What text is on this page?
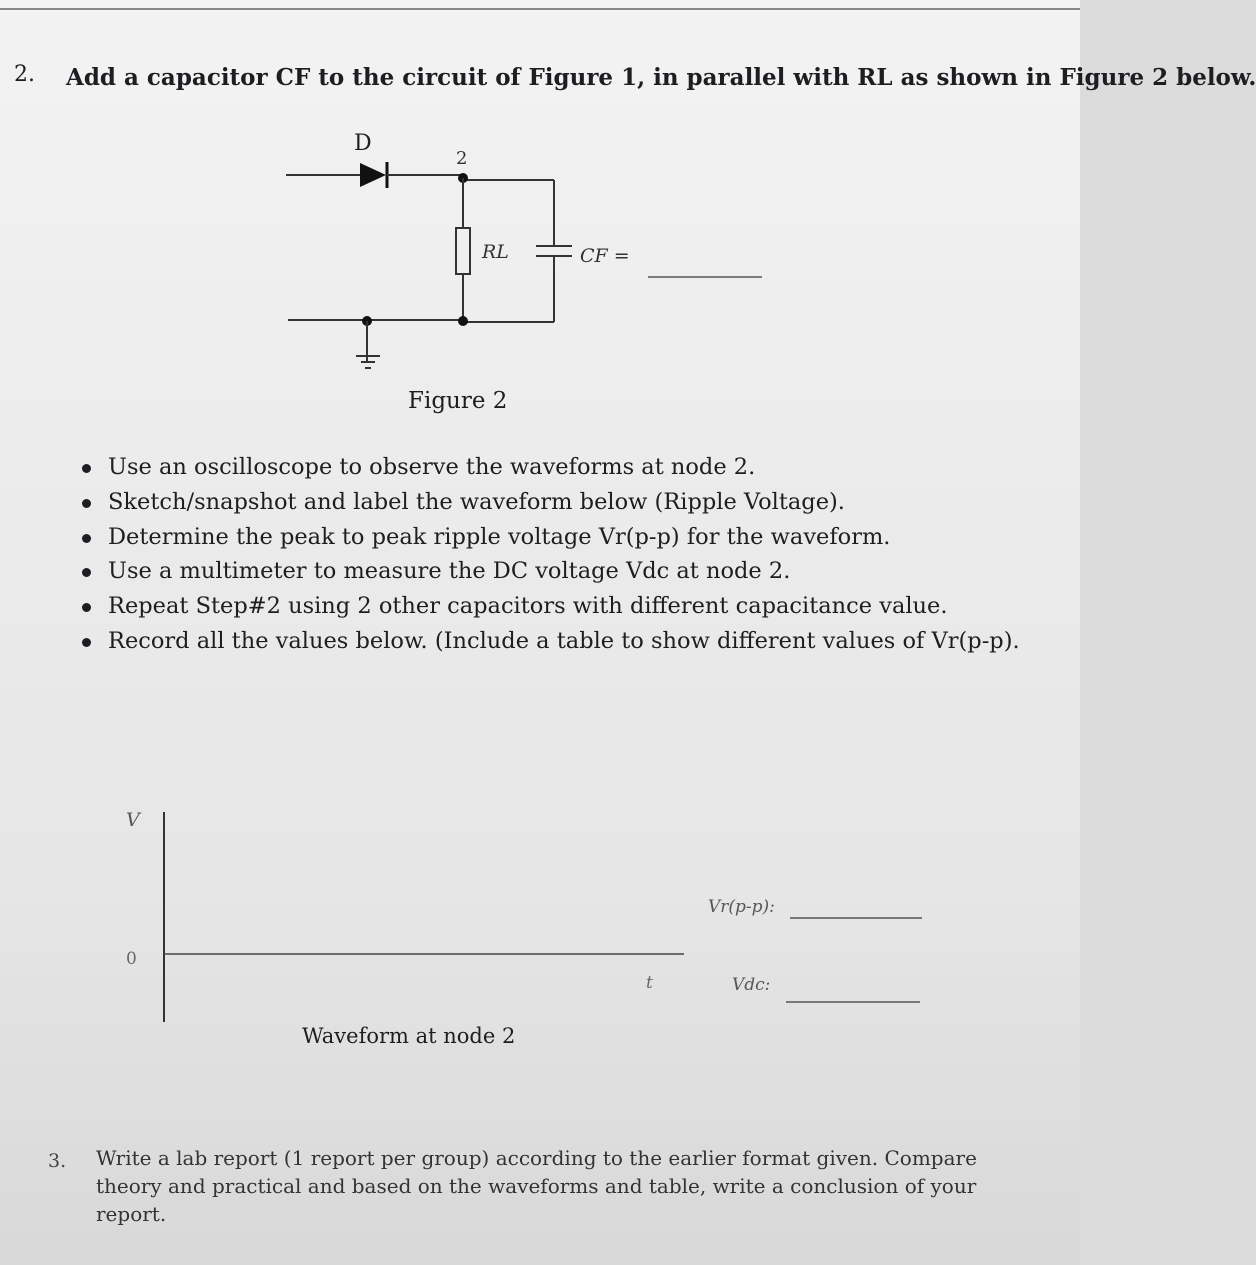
2. Add a capacitor CF to the circuit of Figure 1, in parallel with RL as shown in Figure 2 below.
D
2
RL	CF =
Figure 2
Use an oscilloscope to observe the waveforms at node 2.
Sketch/snapshot and label the waveform below (Ripple Voltage).
Determine the peak to peak ripple voltage Vr(p-p) for the waveform.
Use a multimeter to measure the DC voltage Vdc at node 2.
Repeat Step#2 using 2 other capacitors with different capacitance value.
Record all the values below. (Include a table to show different values of Vr(p-p).
V
0
t
Vr(p-p):
Vdc:
Waveform at node 2
3. Write a lab report (1 report per group) according to the earlier format given. Compare theory and practical and based on the waveforms and table, write a conclusion of your report.
